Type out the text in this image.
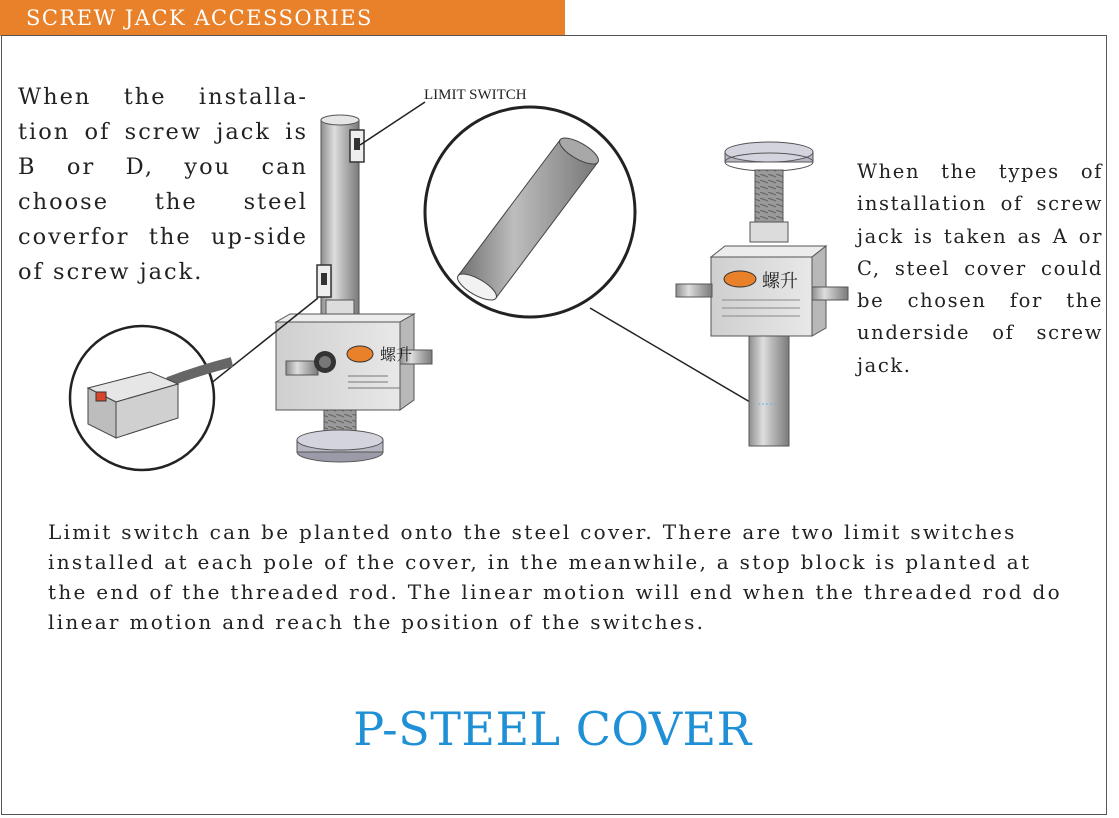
SCREW JACK ACCESSORIES
螺升
螺升
LIMIT SWITCH
When the installa-tion of screw jack is B or D, you can choose the steel coverfor the up-side of screw jack.
When the types of installation of screw jack is taken as A or C, steel cover could be chosen for the underside of screw jack.
Limit switch can be planted onto the steel cover. There are two limit switches installed at each pole of the cover, in the meanwhile, a stop block is planted at the end of the threaded rod. The linear motion will end when the threaded rod do linear motion and reach the position of the switches.
P-STEEL COVER
